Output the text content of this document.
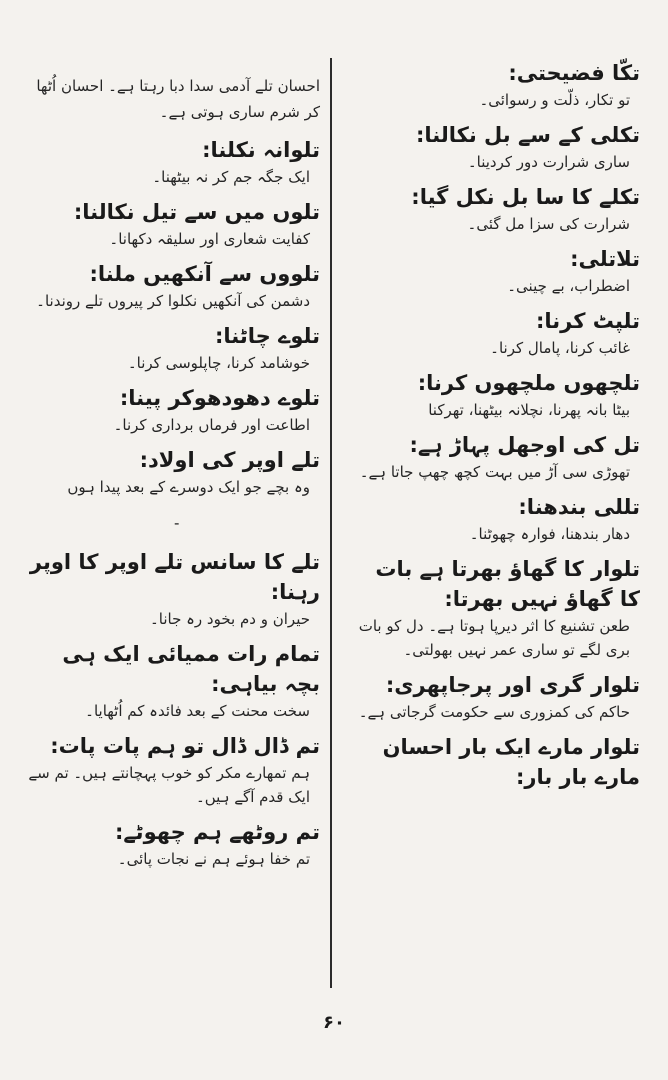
تکّا فضیحتی:

تو تکار، ذلّت و رسوائی۔

تکلی کے سے بل نکالنا:

ساری شرارت دور کردینا۔

تکلے کا سا بل نکل گیا:

شرارت کی سزا مل گئی۔

تلاتلی:

اضطراب، بے چینی۔

تلپٹ کرنا:

غائب کرنا، پامال کرنا۔

تلچھوں ملچھوں کرنا:

بیٹا بانہ پھرنا، نچلانہ بیٹھنا، تھرکنا

تل کی اوجھل پہاڑ ہے:

تھوڑی سی آڑ میں بہت کچھ چھپ جاتا ہے۔

تللی بندھنا:

دھار بندھنا، فوارہ چھوٹنا۔

تلوار کا گھاؤ بھرتا ہے بات کا گھاؤ نہیں بھرتا:

طعن تشنیع کا اثر دیرپا ہوتا ہے۔ دل کو بات بری لگے تو ساری عمر نہیں بھولتی۔

تلوار گری اور پرجاپھری:

حاکم کی کمزوری سے حکومت گرجاتی ہے۔

تلوار مارے ایک بار احسان مارے بار بار:

احسان تلے آدمی سدا دبا رہتا ہے۔ احسان اُٹھا کر شرم ساری ہوتی ہے۔

تلوانہ نکلنا:

ایک جگہ جم کر نہ بیٹھنا۔

تلوں میں سے تیل نکالنا:

کفایت شعاری اور سلیقہ دکھانا۔

تلووں سے آنکھیں ملنا:

دشمن کی آنکھیں نکلوا کر پیروں تلے روندنا۔

تلوے چاٹنا:

خوشامد کرنا، چاپلوسی کرنا۔

تلوے دھودھوکر پینا:

اطاعت اور فرماں برداری کرنا۔

تلے اوپر کی اولاد:

وہ بچے جو ایک دوسرے کے بعد پیدا ہوں

-

تلے کا سانس تلے اوپر کا اوپر رہنا:

حیران و دم بخود رہ جانا۔

تمام رات ممیائی ایک ہی بچہ بیاہی:

سخت محنت کے بعد فائدہ کم اُٹھایا۔

تم ڈال ڈال تو ہم پات پات:

ہم تمھارے مکر کو خوب پہچانتے ہیں۔ تم سے ایک قدم آگے ہیں۔

تم روٹھے ہم چھوٹے:

تم خفا ہوئے ہم نے نجات پائی۔

۶۰
